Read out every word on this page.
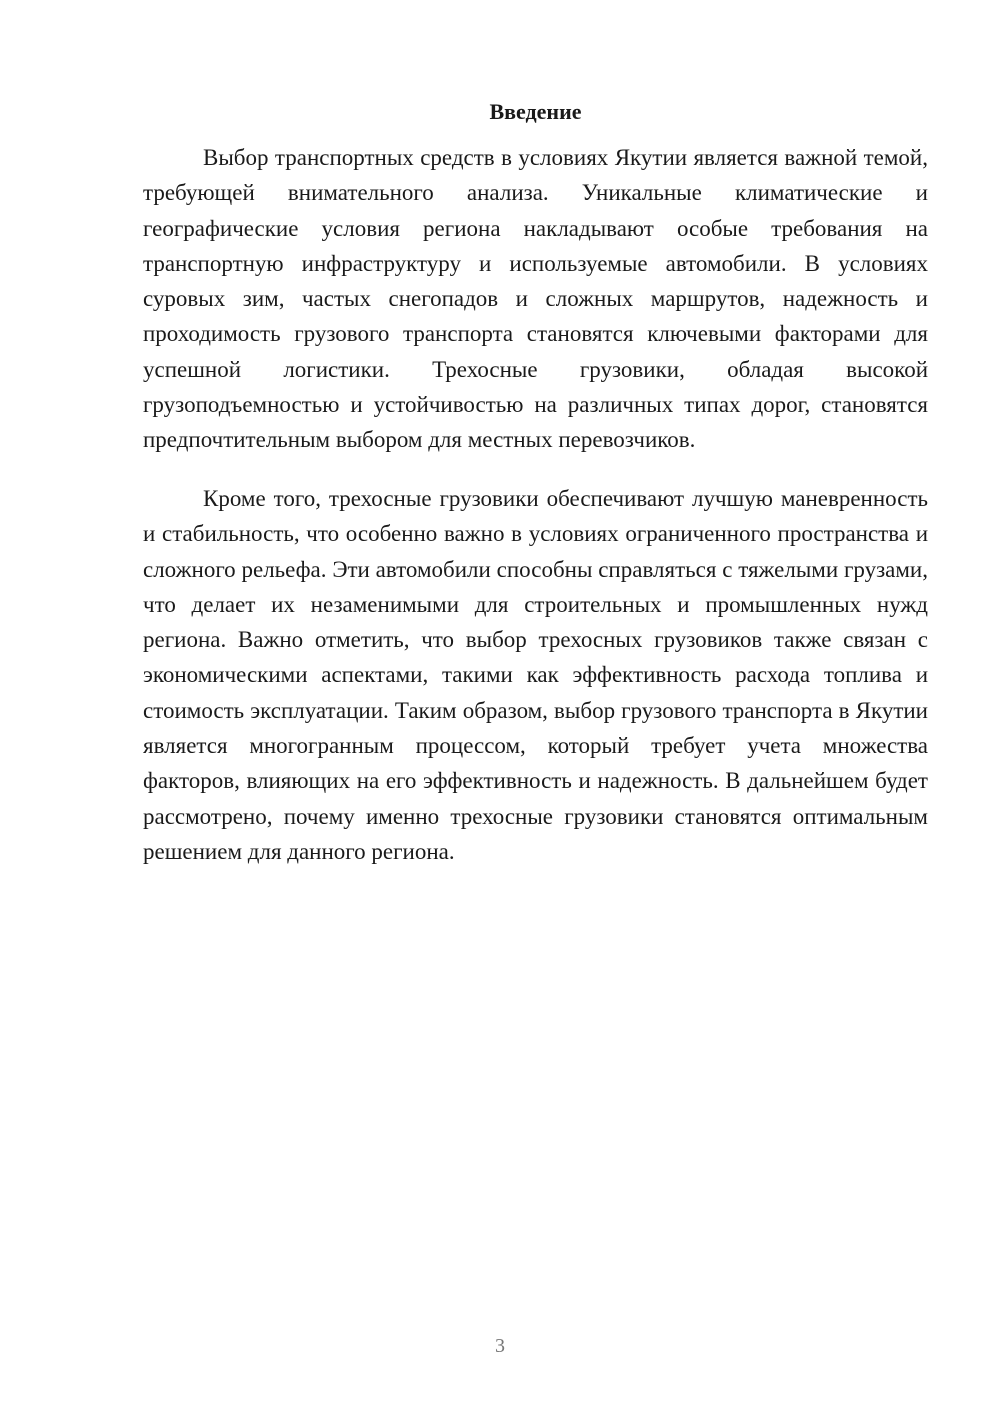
Введение

Выбор транспортных средств в условиях Якутии является важной темой, требующей внимательного анализа. Уникальные климатические и географические условия региона накладывают особые требования на транспортную инфраструктуру и используемые автомобили. В условиях суровых зим, частых снегопадов и сложных маршрутов, надежность и проходимость грузового транспорта становятся ключевыми факторами для успешной логистики. Трехосные грузовики, обладая высокой грузоподъемностью и устойчивостью на различных типах дорог, становятся предпочтительным выбором для местных перевозчиков.

Кроме того, трехосные грузовики обеспечивают лучшую маневренность и стабильность, что особенно важно в условиях ограниченного пространства и сложного рельефа. Эти автомобили способны справляться с тяжелыми грузами, что делает их незаменимыми для строительных и промышленных нужд региона. Важно отметить, что выбор трехосных грузовиков также связан с экономическими аспектами, такими как эффективность расхода топлива и стоимость эксплуатации. Таким образом, выбор грузового транспорта в Якутии является многогранным процессом, который требует учета множества факторов, влияющих на его эффективность и надежность. В дальнейшем будет рассмотрено, почему именно трехосные грузовики становятся оптимальным решением для данного региона.

3
